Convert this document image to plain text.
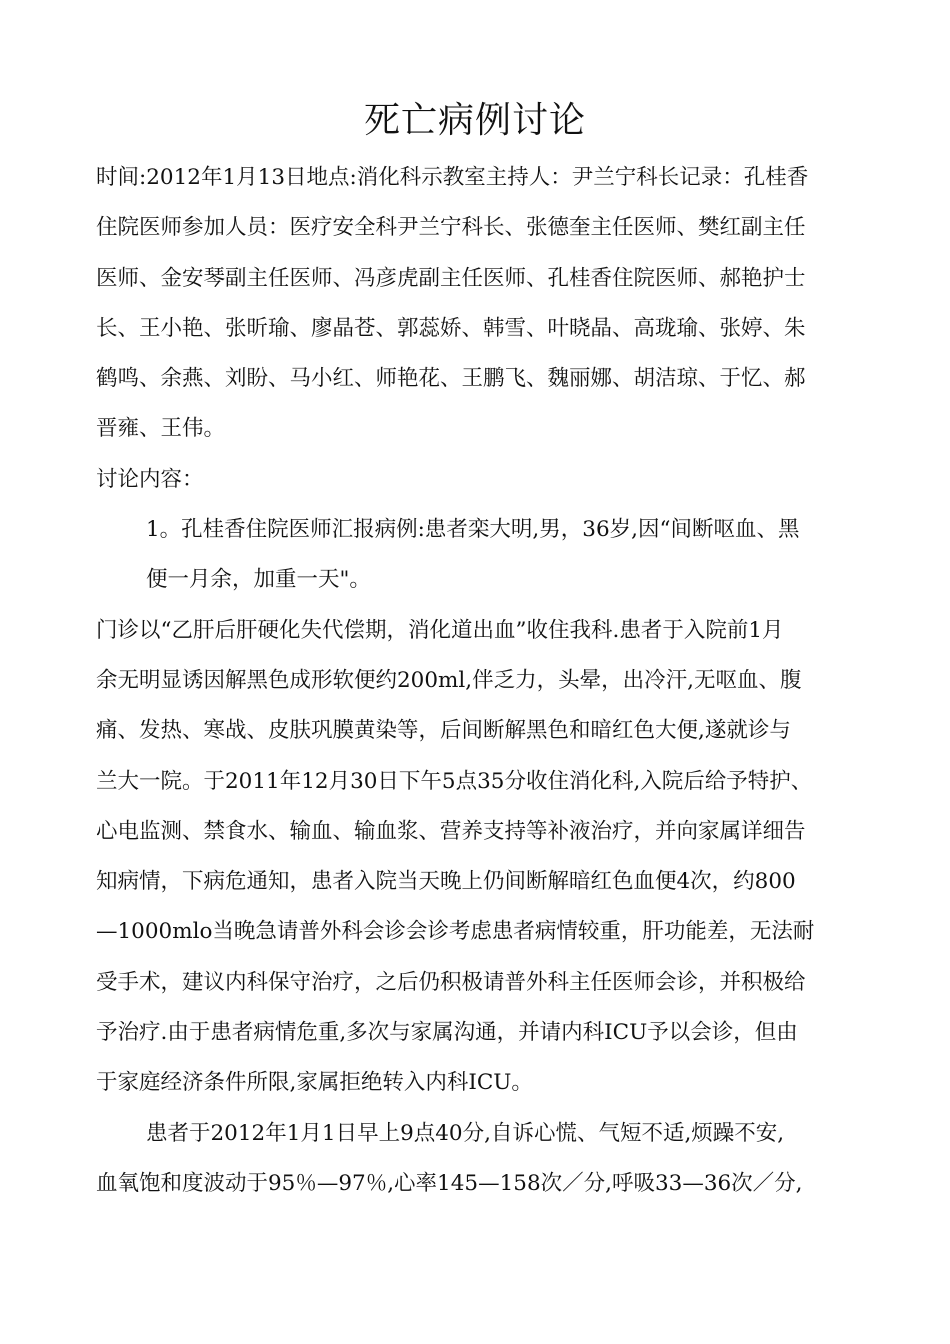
死亡病例讨论
时间:2012年1月13日地点:消化科示教室主持人：尹兰宁科长记录：孔桂香
住院医师参加人员：医疗安全科尹兰宁科长、张德奎主任医师、樊红副主任
医师、金安琴副主任医师、冯彦虎副主任医师、孔桂香住院医师、郝艳护士
长、王小艳、张昕瑜、廖晶苍、郭蕊娇、韩雪、叶晓晶、高珑瑜、张婷、朱
鹤鸣、余燕、刘盼、马小红、师艳花、王鹏飞、魏丽娜、胡洁琼、于忆、郝
晋雍、王伟。
讨论内容：
1。孔桂香住院医师汇报病例:患者栾大明,男，36岁,因“间断呕血、黑
便一月余，加重一天"。
门诊以“乙肝后肝硬化失代偿期，消化道出血”收住我科.患者于入院前1月
余无明显诱因解黑色成形软便约200ml,伴乏力，头晕，出冷汗,无呕血、腹
痛、发热、寒战、皮肤巩膜黄染等，后间断解黑色和暗红色大便,遂就诊与
兰大一院。于2011年12月30日下午5点35分收住消化科,入院后给予特护、
心电监测、禁食水、输血、输血浆、营养支持等补液治疗，并向家属详细告
知病情，下病危通知，患者入院当天晚上仍间断解暗红色血便4次，约800
—1000mlo当晚急请普外科会诊会诊考虑患者病情较重，肝功能差，无法耐
受手术，建议内科保守治疗，之后仍积极请普外科主任医师会诊，并积极给
予治疗.由于患者病情危重,多次与家属沟通，并请内科ICU予以会诊，但由
于家庭经济条件所限,家属拒绝转入内科ICU。
患者于2012年1月1日早上9点40分,自诉心慌、气短不适,烦躁不安,
血氧饱和度波动于95％—97％,心率145—158次／分,呼吸33—36次／分,
